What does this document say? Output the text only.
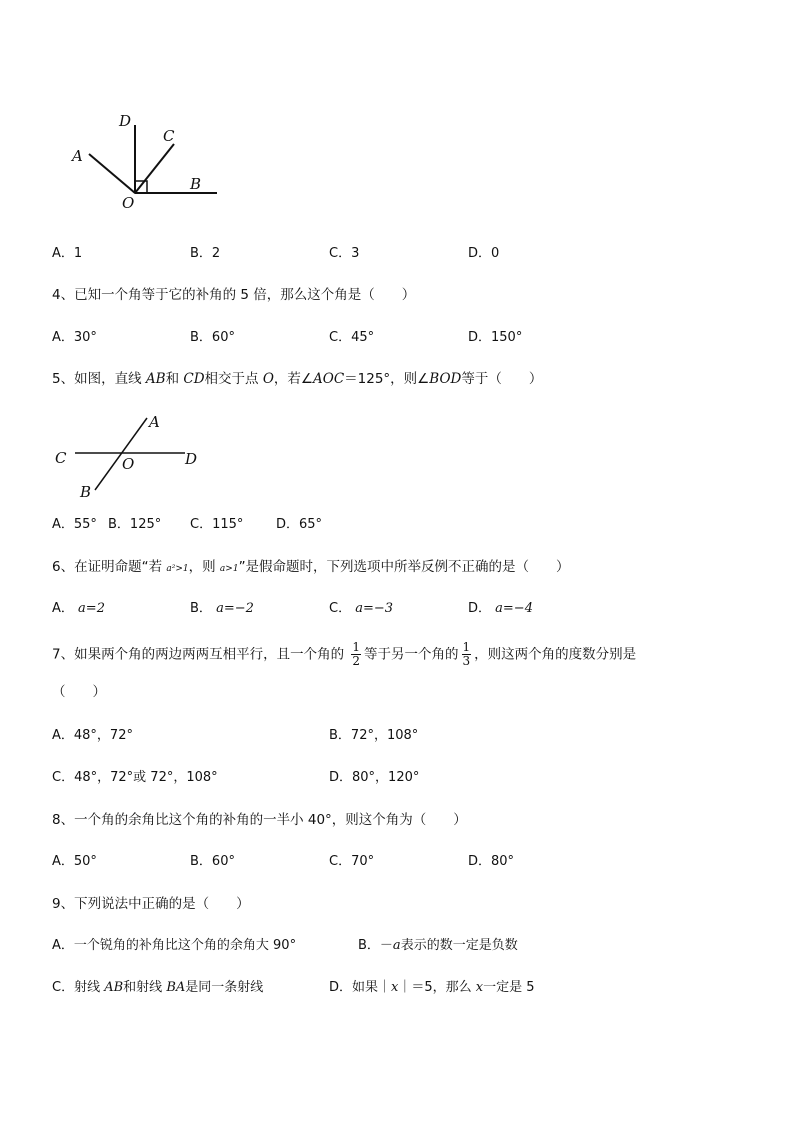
D
C
A
B
O
A．1	B．2	C．3	D．0
4、已知一个角等于它的补角的 5 倍，那么这个角是（　　）
A．30°	B．60°	C．45°	D．150°
5、如图，直线 AB和 CD相交于点 O，若∠AOC＝125°，则∠BOD等于（　　）
A
C	O	D
B
A．55° B．125° C．115°	D．65°
6、在证明命题“若 a²>1，则 a>1”是假命题时，下列选项中所举反例不正确的是（　　）
A． a=2	B． a=−2	C． a=−3	D． a=−4
7、如果两个角的两边两两互相平行，且一个角的 $\frac{1}{2}$ 等于另一个角的 $\frac{1}{3}$ ，则这两个角的度数分别是
（　　）
A．48°，72°	B．72°，108°
C．48°，72°或 72°，108°	D．80°，120°
8、一个角的余角比这个角的补角的一半小 40°，则这个角为（　　）
A．50°	B．60°	C．70°	D．80°
9、下列说法中正确的是（　　）
A．一个锐角的补角比这个角的余角大 90°	B．－a表示的数一定是负数
C．射线 AB和射线 BA是同一条射线	D．如果｜x｜＝5，那么 x一定是 5
